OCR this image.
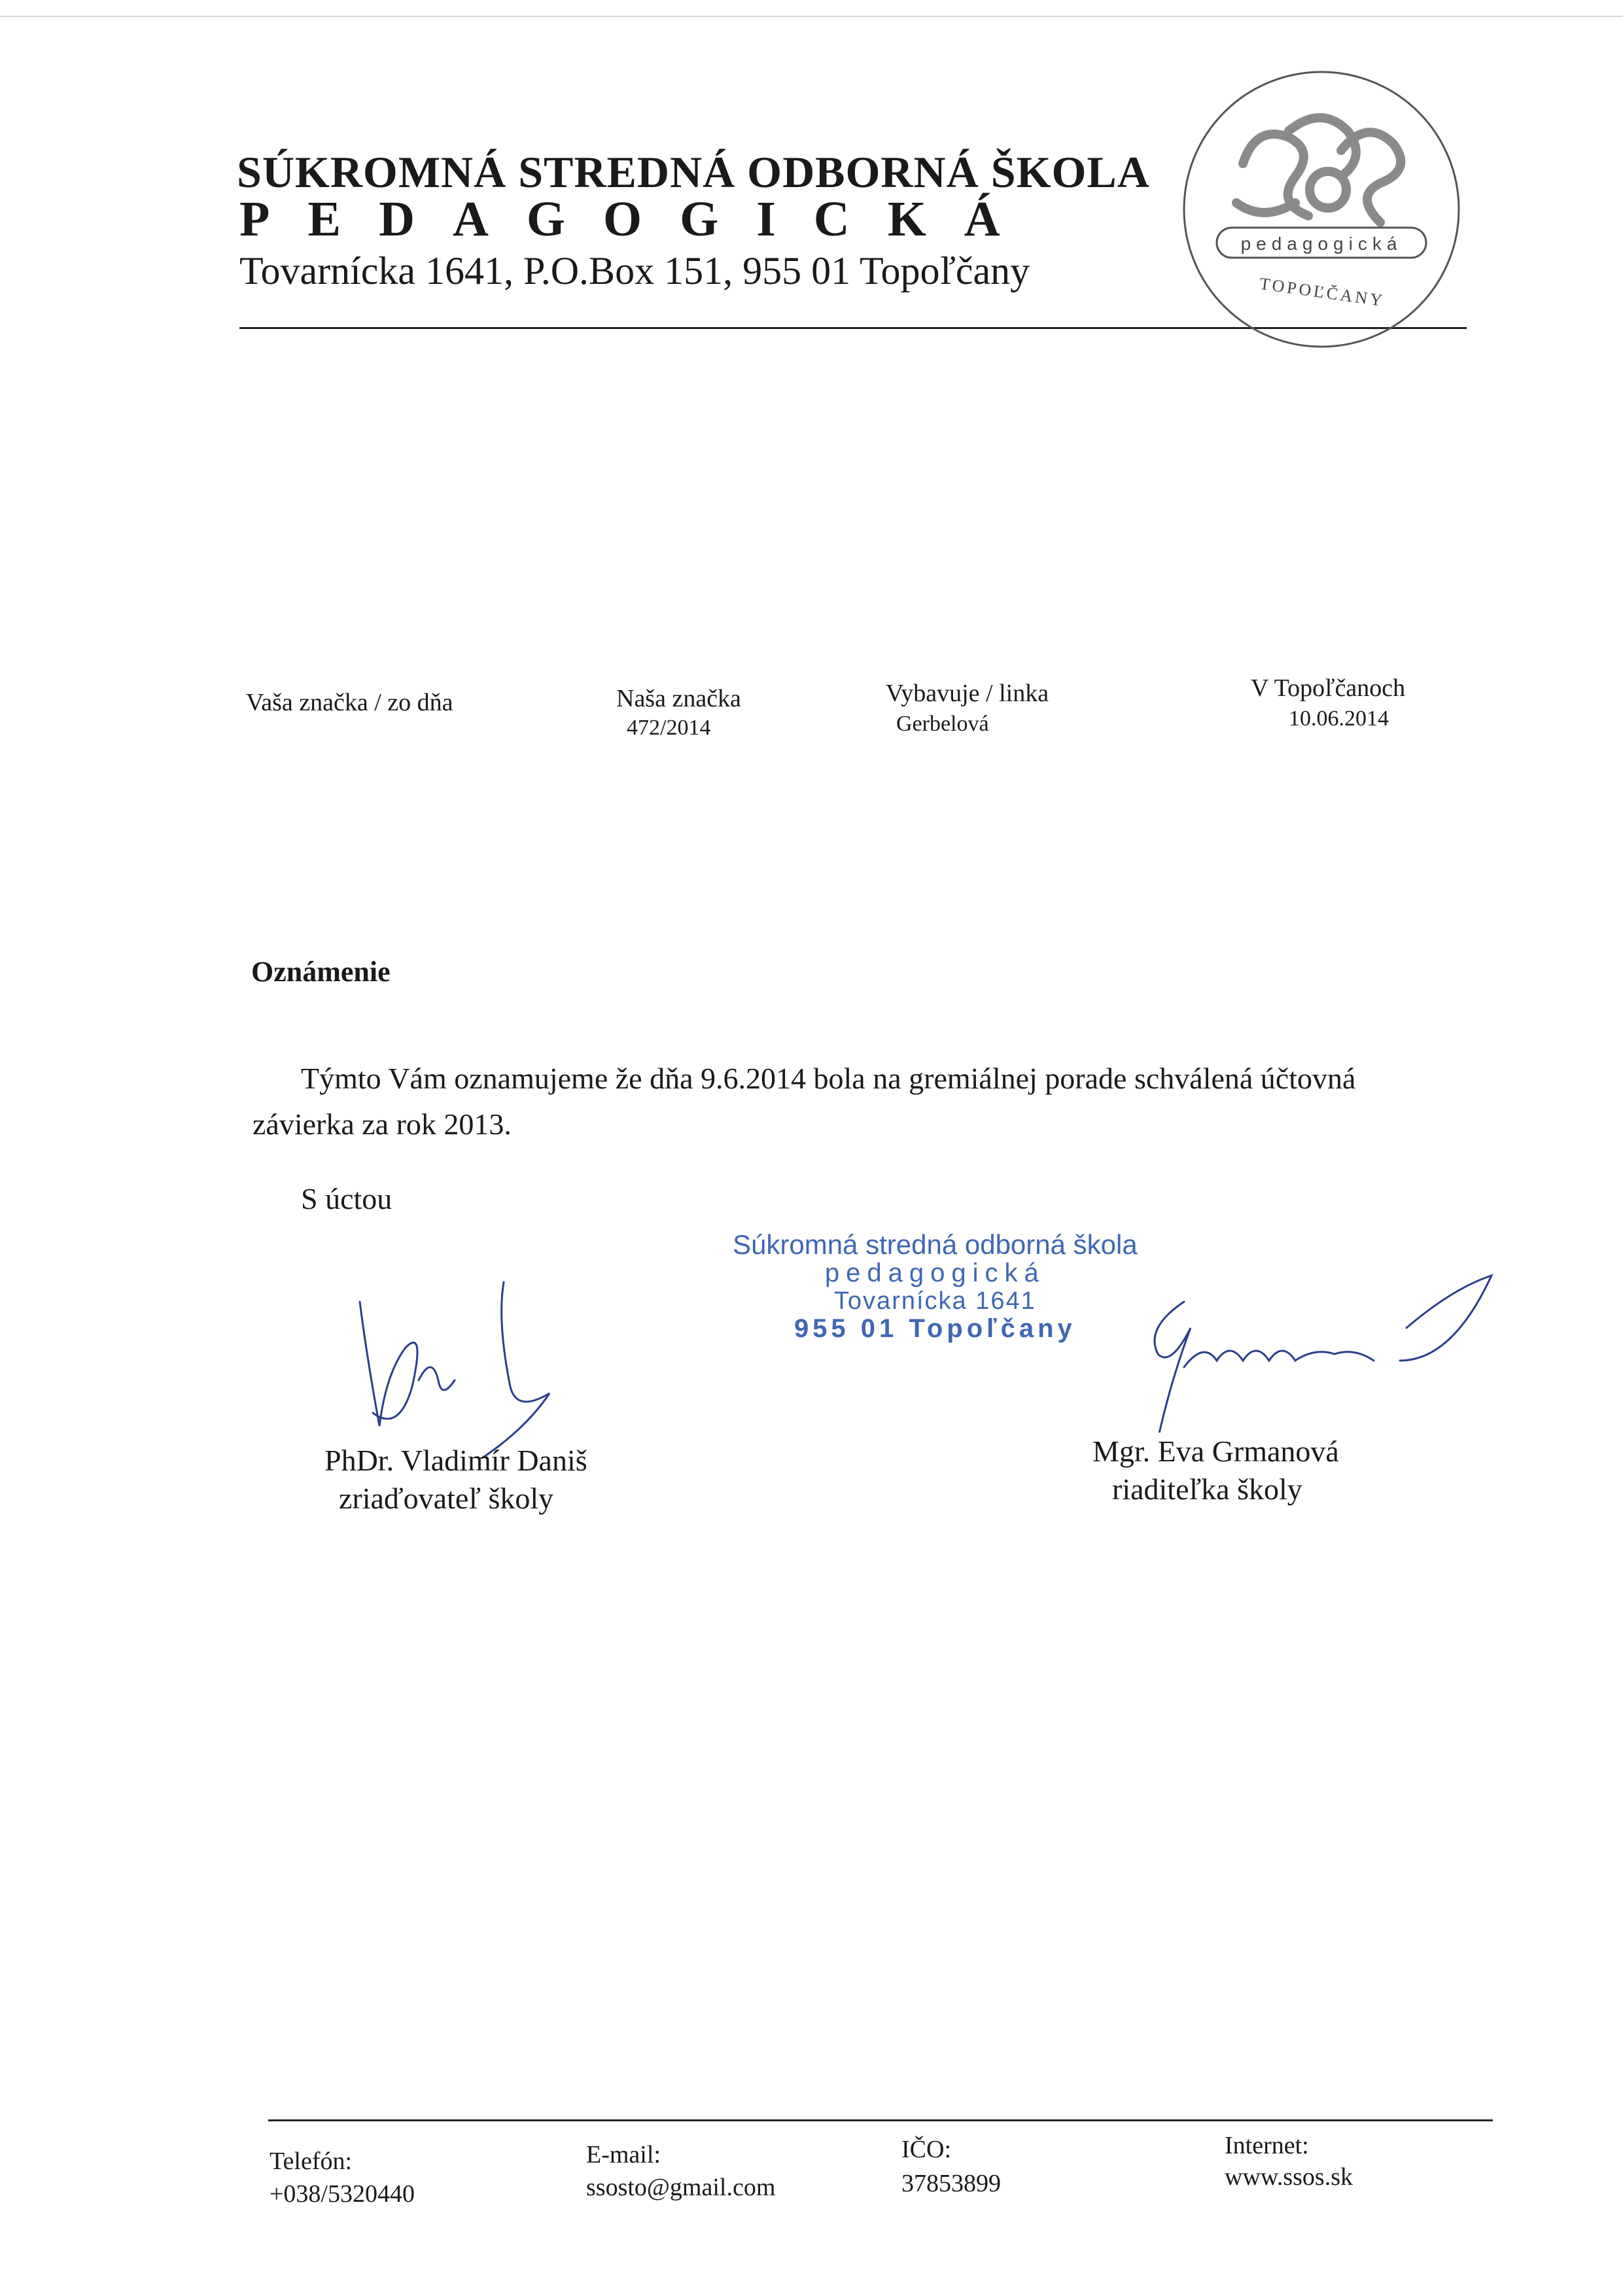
SÚKROMNÁ STREDNÁ ODBORNÁ ŠKOLA
PEDAGOGICKÁ
Tovarnícka 1641, P.O.Box 151, 955 01 Topoľčany
pedagogická
TOPOĽČANY
Vaša značka / zo dňa	Naša značka
472/2014
Vybavuje / linka
Gerbelová
V Topoľčanoch
10.06.2014
Oznámenie
Týmto Vám oznamujeme že dňa 9.6.2014 bola na gremiálnej porade schválená účtovná
závierka za rok 2013.
S úctou
Súkromná stredná odborná škola
pedagogická
Tovarnícka 1641
955 01 Topoľčany
PhDr. Vladimír Daniš
zriaďovateľ školy
Mgr. Eva Grmanová
riaditeľka školy
Telefón:
+038/5320440
E-mail:
ssosto@gmail.com
IČO:
37853899
Internet:
www.ssos.sk
